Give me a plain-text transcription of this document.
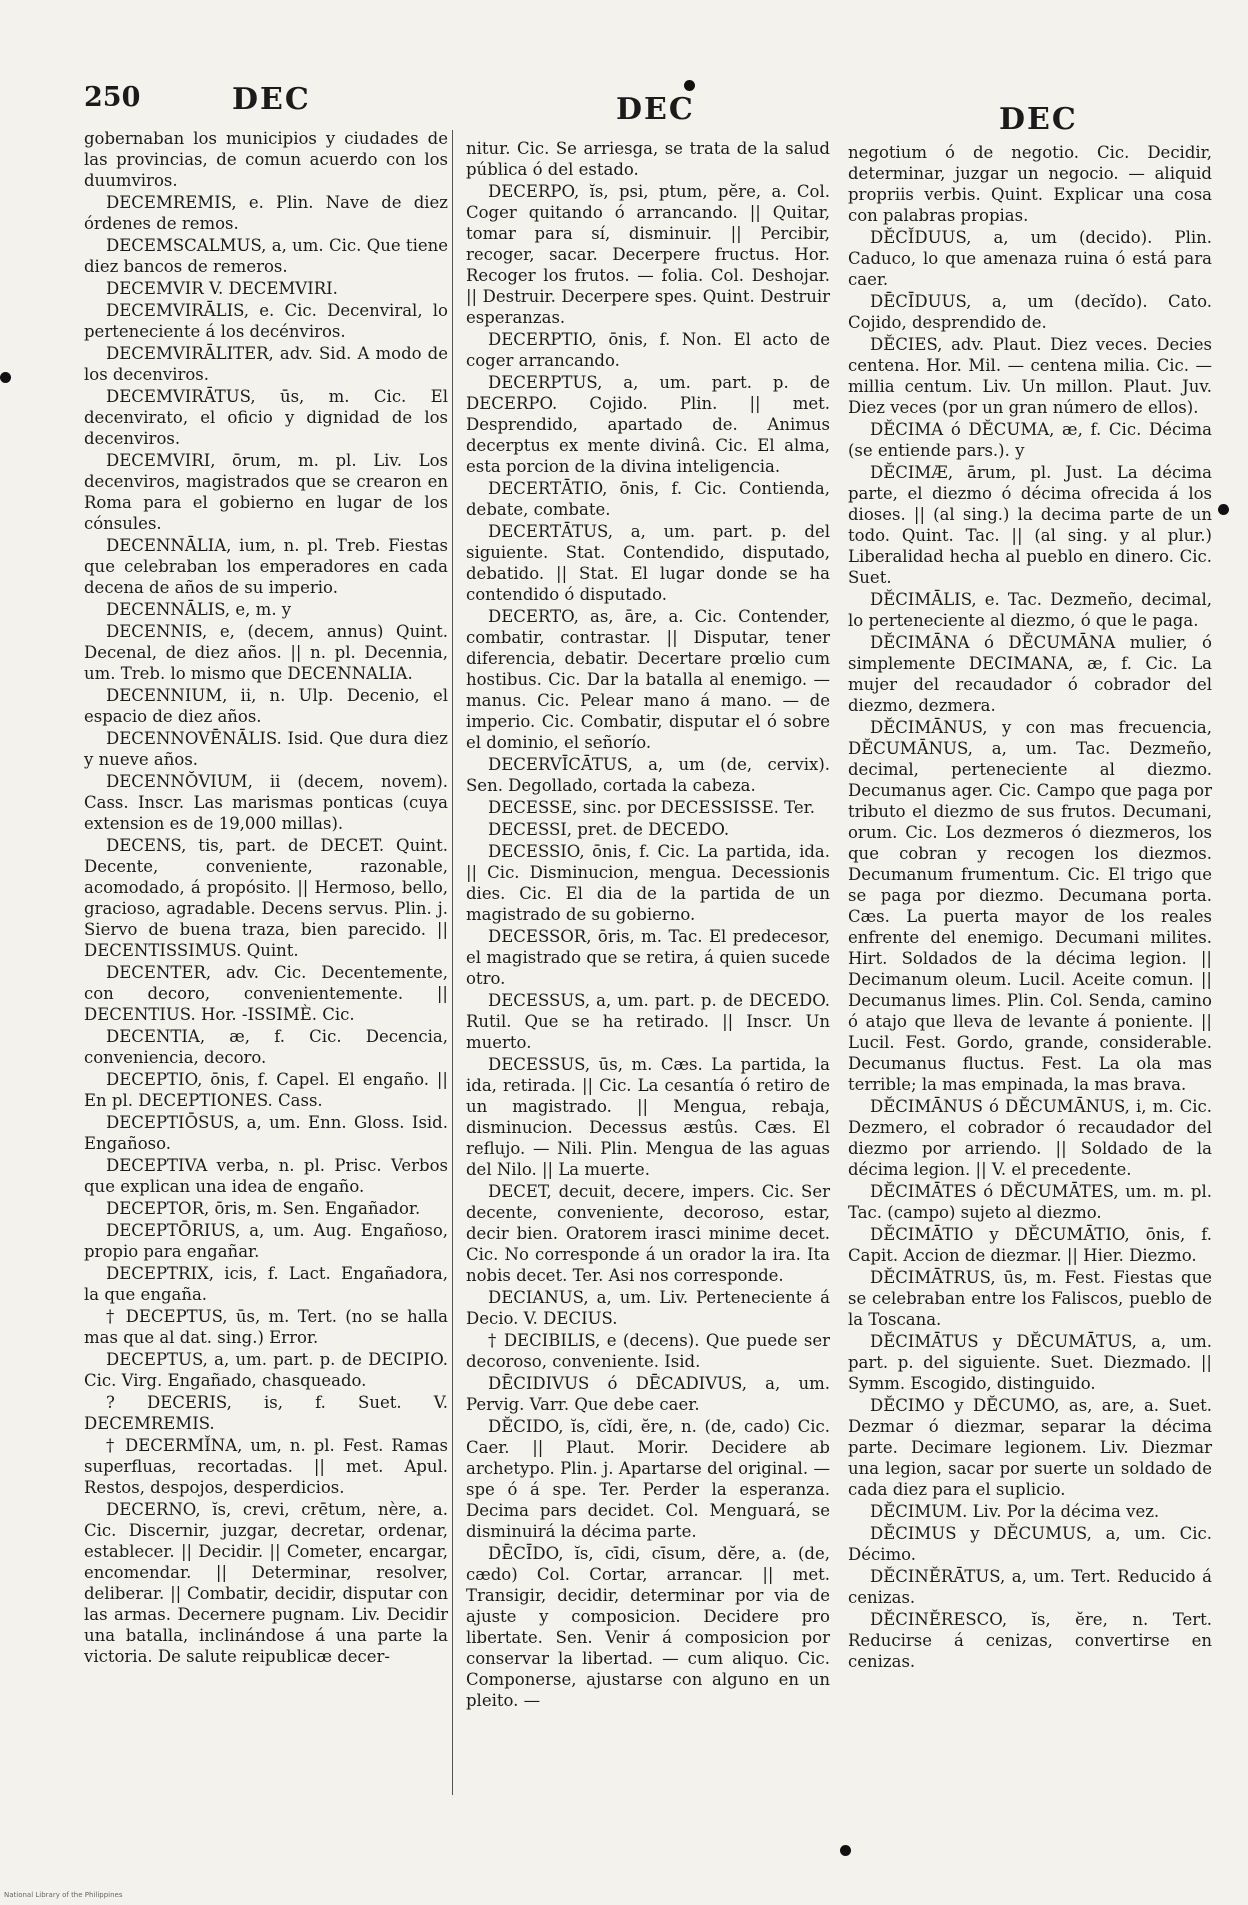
250	DEC	DEC	DEC

gobernaban los municipios y ciudades de las provincias, de comun acuerdo con los duumviros.

DECEMREMIS, e. Plin. Nave de diez órdenes de remos.

DECEMSCALMUS, a, um. Cic. Que tiene diez bancos de remeros.

DECEMVIR V. DECEMVIRI.

DECEMVIRĀLIS, e. Cic. Decenviral, lo perteneciente á los decénviros.

DECEMVIRĀLITER, adv. Sid. A modo de los decenviros.

DECEMVIRĀTUS, ūs, m. Cic. El decenvirato, el oficio y dignidad de los decenviros.

DECEMVIRI, ōrum, m. pl. Liv. Los decenviros, magistrados que se crearon en Roma para el gobierno en lugar de los cónsules.

DECENNĀLIA, ium, n. pl. Treb. Fiestas que celebraban los emperadores en cada decena de años de su imperio.

DECENNĀLIS, e, m. y

DECENNIS, e, (decem, annus) Quint. Decenal, de diez años. || n. pl. Decennia, um. Treb. lo mismo que DECENNALIA.

DECENNIUM, ii, n. Ulp. Decenio, el espacio de diez años.

DECENNOVĒNĀLIS. Isid. Que dura diez y nueve años.

DECENNŎVIUM, ii (decem, novem). Cass. Inscr. Las marismas ponticas (cuya extension es de 19,000 millas).

DECENS, tis, part. de DECET. Quint. Decente, conveniente, razonable, acomodado, á propósito. || Hermoso, bello, gracioso, agradable. Decens servus. Plin. j. Siervo de buena traza, bien parecido. || DECENTISSIMUS. Quint.

DECENTER, adv. Cic. Decentemente, con decoro, convenientemente. || DECENTIUS. Hor. -ISSIMÈ. Cic.

DECENTIA, æ, f. Cic. Decencia, conveniencia, decoro.

DECEPTIO, ōnis, f. Capel. El engaño. || En pl. DECEPTIONES. Cass.

DECEPTIŌSUS, a, um. Enn. Gloss. Isid. Engañoso.

DECEPTIVA verba, n. pl. Prisc. Verbos que explican una idea de engaño.

DECEPTOR, ōris, m. Sen. Engañador.

DECEPTŌRIUS, a, um. Aug. Engañoso, propio para engañar.

DECEPTRIX, icis, f. Lact. Engañadora, la que engaña.

† DECEPTUS, ūs, m. Tert. (no se halla mas que al dat. sing.) Error.

DECEPTUS, a, um. part. p. de DECIPIO. Cic. Virg. Engañado, chasqueado.

? DECERIS, is, f. Suet. V. DECEMREMIS.

† DECERMĬNA, um, n. pl. Fest. Ramas superfluas, recortadas. || met. Apul. Restos, despojos, desperdicios.

DECERNO, ĭs, crevi, crētum, nère, a. Cic. Discernir, juzgar, decretar, ordenar, establecer. || Decidir. || Cometer, encargar, encomendar. || Determinar, resolver, deliberar. || Combatir, decidir, disputar con las armas. Decernere pugnam. Liv. Decidir una batalla, inclinándose á una parte la victoria. De salute reipublicæ decer-

nitur. Cic. Se arriesga, se trata de la salud pública ó del estado.

DECERPO, ĭs, psi, ptum, pĕre, a. Col. Coger quitando ó arrancando. || Quitar, tomar para sí, disminuir. || Percibir, recoger, sacar. Decerpere fructus. Hor. Recoger los frutos. — folia. Col. Deshojar. || Destruir. Decerpere spes. Quint. Destruir esperanzas.

DECERPTIO, ōnis, f. Non. El acto de coger arrancando.

DECERPTUS, a, um. part. p. de DECERPO. Cojido. Plin. || met. Desprendido, apartado de. Animus decerptus ex mente divinâ. Cic. El alma, esta porcion de la divina inteligencia.

DECERTĀTIO, ōnis, f. Cic. Contienda, debate, combate.

DECERTĀTUS, a, um. part. p. del siguiente. Stat. Contendido, disputado, debatido. || Stat. El lugar donde se ha contendido ó disputado.

DECERTO, as, āre, a. Cic. Contender, combatir, contrastar. || Disputar, tener diferencia, debatir. Decertare prœlio cum hostibus. Cic. Dar la batalla al enemigo. — manus. Cic. Pelear mano á mano. — de imperio. Cic. Combatir, disputar el ó sobre el dominio, el señorío.

DECERVĪCĀTUS, a, um (de, cervix). Sen. Degollado, cortada la cabeza.

DECESSE, sinc. por DECESSISSE. Ter.

DECESSI, pret. de DECEDO.

DECESSIO, ōnis, f. Cic. La partida, ida. || Cic. Disminucion, mengua. Decessionis dies. Cic. El dia de la partida de un magistrado de su gobierno.

DECESSOR, ōris, m. Tac. El predecesor, el magistrado que se retira, á quien sucede otro.

DECESSUS, a, um. part. p. de DECEDO. Rutil. Que se ha retirado. || Inscr. Un muerto.

DECESSUS, ūs, m. Cæs. La partida, la ida, retirada. || Cic. La cesantía ó retiro de un magistrado. || Mengua, rebaja, disminucion. Decessus æstûs. Cæs. El reflujo. — Nili. Plin. Mengua de las aguas del Nilo. || La muerte.

DECET, decuit, decere, impers. Cic. Ser decente, conveniente, decoroso, estar, decir bien. Oratorem irasci minime decet. Cic. No corresponde á un orador la ira. Ita nobis decet. Ter. Asi nos corresponde.

DECIANUS, a, um. Liv. Perteneciente á Decio. V. DECIUS.

† DECIBILIS, e (decens). Que puede ser decoroso, conveniente. Isid.

DĒCIDIVUS ó DĒCADIVUS, a, um. Pervig. Varr. Que debe caer.

DĔCIDO, ĭs, cĭdi, ĕre, n. (de, cado) Cic. Caer. || Plaut. Morir. Decidere ab archetypo. Plin. j. Apartarse del original. — spe ó á spe. Ter. Perder la esperanza. Decima pars decidet. Col. Menguará, se disminuirá la décima parte.

DĒCĪDO, ĭs, cīdi, cīsum, dĕre, a. (de, cædo) Col. Cortar, arrancar. || met. Transigir, decidir, determinar por via de ajuste y composicion. Decidere pro libertate. Sen. Venir á composicion por conservar la libertad. — cum aliquo. Cic. Componerse, ajustarse con alguno en un pleito. —

negotium ó de negotio. Cic. Decidir, determinar, juzgar un negocio. — aliquid propriis verbis. Quint. Explicar una cosa con palabras propias.

DĔCĬDUUS, a, um (decido). Plin. Caduco, lo que amenaza ruina ó está para caer.

DĒCĪDUUS, a, um (decĭdo). Cato. Cojido, desprendido de.

DĔCIES, adv. Plaut. Diez veces. Decies centena. Hor. Mil. — centena milia. Cic. — millia centum. Liv. Un millon. Plaut. Juv. Diez veces (por un gran número de ellos).

DĔCIMA ó DĔCUMA, æ, f. Cic. Décima (se entiende pars.). y

DĔCIMÆ, ārum, pl. Just. La décima parte, el diezmo ó décima ofrecida á los dioses. || (al sing.) la decima parte de un todo. Quint. Tac. || (al sing. y al plur.) Liberalidad hecha al pueblo en dinero. Cic. Suet.

DĔCIMĀLIS, e. Tac. Dezmeño, decimal, lo perteneciente al diezmo, ó que le paga.

DĔCIMĀNA ó DĔCUMĀNA mulier, ó simplemente DECIMANA, æ, f. Cic. La mujer del recaudador ó cobrador del diezmo, dezmera.

DĔCIMĀNUS, y con mas frecuencia, DĔCUMĀNUS, a, um. Tac. Dezmeño, decimal, perteneciente al diezmo. Decumanus ager. Cic. Campo que paga por tributo el diezmo de sus frutos. Decumani, orum. Cic. Los dezmeros ó diezmeros, los que cobran y recogen los diezmos. Decumanum frumentum. Cic. El trigo que se paga por diezmo. Decumana porta. Cæs. La puerta mayor de los reales enfrente del enemigo. Decumani milites. Hirt. Soldados de la décima legion. || Decimanum oleum. Lucil. Aceite comun. || Decumanus limes. Plin. Col. Senda, camino ó atajo que lleva de levante á poniente. || Lucil. Fest. Gordo, grande, considerable. Decumanus fluctus. Fest. La ola mas terrible; la mas empinada, la mas brava.

DĔCIMĀNUS ó DĔCUMĀNUS, i, m. Cic. Dezmero, el cobrador ó recaudador del diezmo por arriendo. || Soldado de la décima legion. || V. el precedente.

DĔCIMĀTES ó DĔCUMĀTES, um. m. pl. Tac. (campo) sujeto al diezmo.

DĔCIMĀTIO y DĔCUMĀTIO, ōnis, f. Capit. Accion de diezmar. || Hier. Diezmo.

DĔCIMĀTRUS, ūs, m. Fest. Fiestas que se celebraban entre los Faliscos, pueblo de la Toscana.

DĔCIMĀTUS y DĔCUMĀTUS, a, um. part. p. del siguiente. Suet. Diezmado. || Symm. Escogido, distinguido.

DĔCIMO y DĔCUMO, as, are, a. Suet. Dezmar ó diezmar, separar la décima parte. Decimare legionem. Liv. Diezmar una legion, sacar por suerte un soldado de cada diez para el suplicio.

DĔCIMUM. Liv. Por la décima vez.

DĔCIMUS y DĔCUMUS, a, um. Cic. Décimo.

DĔCINĔRĀTUS, a, um. Tert. Reducido á cenizas.

DĔCINĔRESCO, ĭs, ĕre, n. Tert. Reducirse á cenizas, convertirse en cenizas.

National Library of the Philippines
